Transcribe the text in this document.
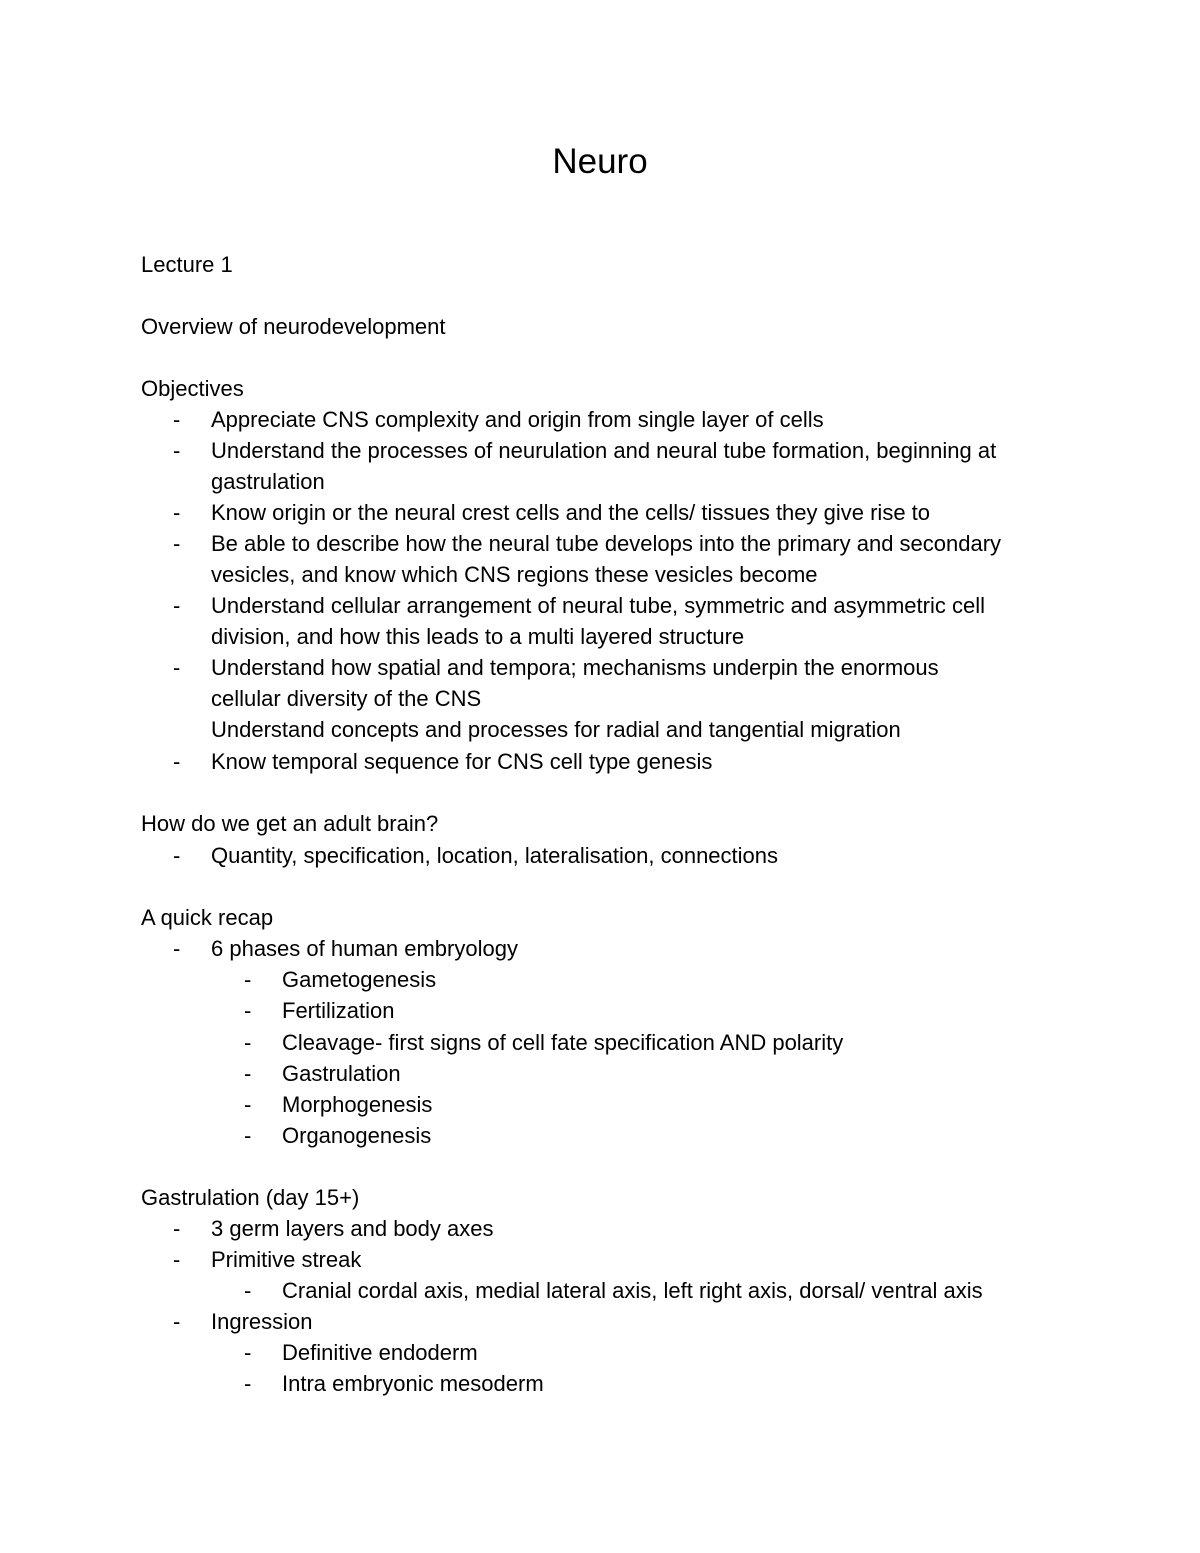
Neuro
Lecture 1
Overview of neurodevelopment
Objectives
- Appreciate CNS complexity and origin from single layer of cells
- Understand the processes of neurulation and neural tube formation, beginning at
gastrulation
- Know origin or the neural crest cells and the cells/ tissues they give rise to
- Be able to describe how the neural tube develops into the primary and secondary
vesicles, and know which CNS regions these vesicles become
- Understand cellular arrangement of neural tube, symmetric and asymmetric cell
division, and how this leads to a multi layered structure
- Understand how spatial and tempora; mechanisms underpin the enormous
cellular diversity of the CNS
Understand concepts and processes for radial and tangential migration
- Know temporal sequence for CNS cell type genesis
How do we get an adult brain?
- Quantity, specification, location, lateralisation, connections
A quick recap
- 6 phases of human embryology
- Gametogenesis
- Fertilization
- Cleavage- first signs of cell fate specification AND polarity
- Gastrulation
- Morphogenesis
- Organogenesis
Gastrulation (day 15+)
- 3 germ layers and body axes
- Primitive streak
- Cranial cordal axis, medial lateral axis, left right axis, dorsal/ ventral axis
- Ingression
- Definitive endoderm
- Intra embryonic mesoderm
